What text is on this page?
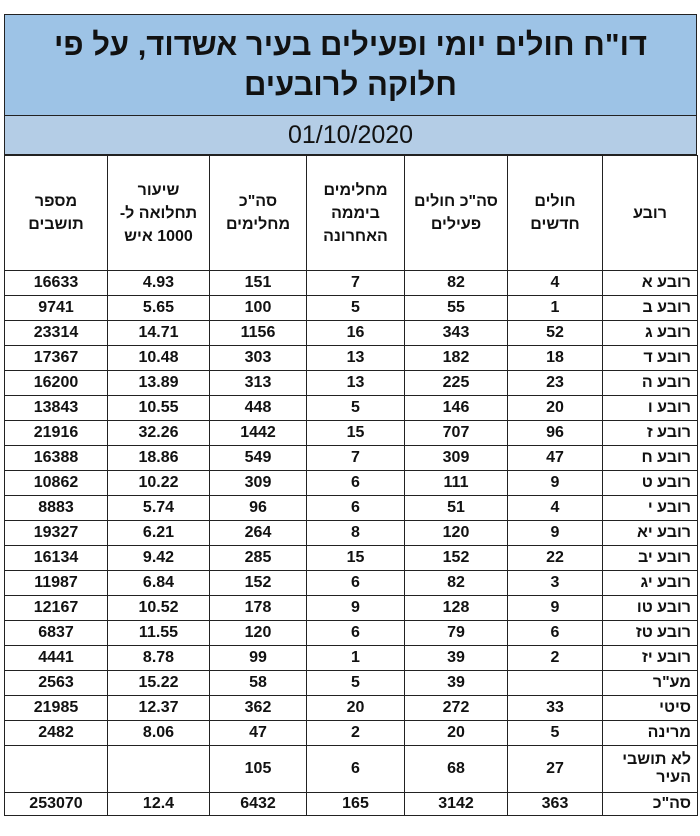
דו"ח חולים יומי ופעילים בעיר אשדוד, על פי
חלוקה לרובעים
01/10/2020
רובע	חולים חדשים	סה"כ חולים פעילים	מחלימים ביממה האחרונה	סה"כ מחלימים	שיעור תחלואה ל- 1000 איש	מספר תושבים
רובע א	4	82	7	151	4.93	16633
רובע ב	1	55	5	100	5.65	9741
רובע ג	52	343	16	1156	14.71	23314
רובע ד	18	182	13	303	10.48	17367
רובע ה	23	225	13	313	13.89	16200
רובע ו	20	146	5	448	10.55	13843
רובע ז	96	707	15	1442	32.26	21916
רובע ח	47	309	7	549	18.86	16388
רובע ט	9	111	6	309	10.22	10862
רובע י	4	51	6	96	5.74	8883
רובע יא	9	120	8	264	6.21	19327
רובע יב	22	152	15	285	9.42	16134
רובע יג	3	82	6	152	6.84	11987
רובע טו	9	128	9	178	10.52	12167
רובע טז	6	79	6	120	11.55	6837
רובע יז	2	39	1	99	8.78	4441
מע"ר		39	5	58	15.22	2563
סיטי	33	272	20	362	12.37	21985
מרינה	5	20	2	47	8.06	2482
לא תושבי העיר	27	68	6	105		
סה"כ	363	3142	165	6432	12.4	253070
